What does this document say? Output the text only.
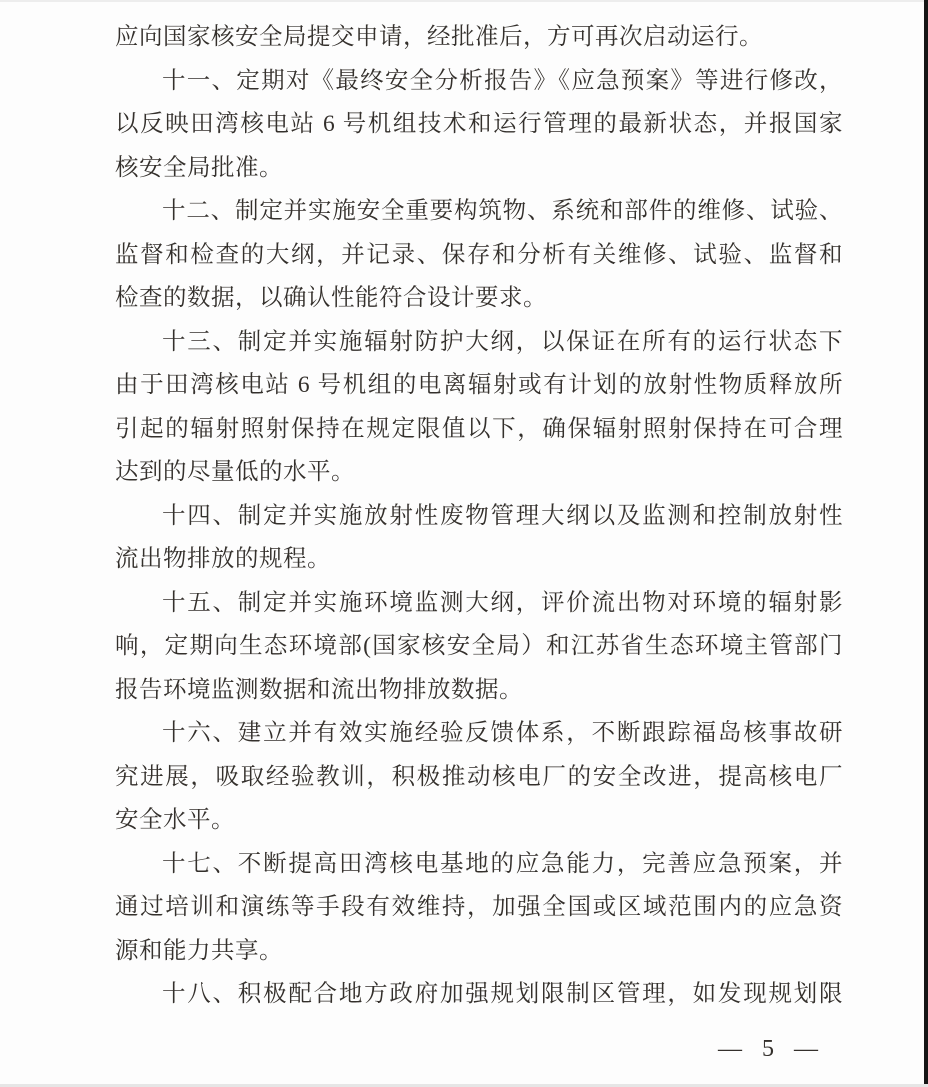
应向国家核安全局提交申请，经批准后，方可再次启动运行。
十一、定期对《最终安全分析报告》《应急预案》等进行修改，
以反映田湾核电站 6 号机组技术和运行管理的最新状态，并报国家
核安全局批准。
十二、制定并实施安全重要构筑物、系统和部件的维修、试验、
监督和检查的大纲，并记录、保存和分析有关维修、试验、监督和
检查的数据，以确认性能符合设计要求。
十三、制定并实施辐射防护大纲，以保证在所有的运行状态下
由于田湾核电站 6 号机组的电离辐射或有计划的放射性物质释放所
引起的辐射照射保持在规定限值以下，确保辐射照射保持在可合理
达到的尽量低的水平。
十四、制定并实施放射性废物管理大纲以及监测和控制放射性
流出物排放的规程。
十五、制定并实施环境监测大纲，评价流出物对环境的辐射影
响，定期向生态环境部(国家核安全局）和江苏省生态环境主管部门
报告环境监测数据和流出物排放数据。
十六、建立并有效实施经验反馈体系，不断跟踪福岛核事故研
究进展，吸取经验教训，积极推动核电厂的安全改进，提高核电厂
安全水平。
十七、不断提高田湾核电基地的应急能力，完善应急预案，并
通过培训和演练等手段有效维持，加强全国或区域范围内的应急资
源和能力共享。
十八、积极配合地方政府加强规划限制区管理，如发现规划限
— 5 —
